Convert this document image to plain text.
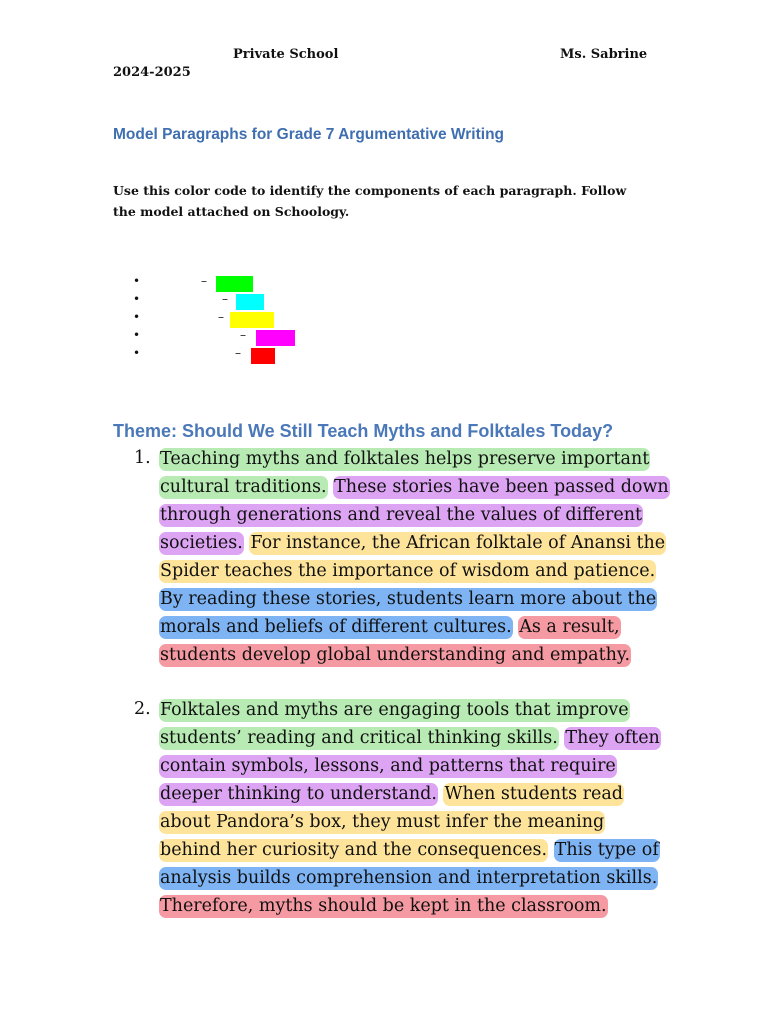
Private School	Ms. Sabrine
2024-2025
Model Paragraphs for Grade 7 Argumentative Writing
Use this color code to identify the components of each paragraph. Follow the model attached on Schoology.
•	–
•	–
•	–
•	–
•	–
Theme: Should We Still Teach Myths and Folktales Today?
1. Teaching myths and folktales helps preserve important cultural traditions. These stories have been passed down through generations and reveal the values of different societies. For instance, the African folktale of Anansi the Spider teaches the importance of wisdom and patience. By reading these stories, students learn more about the morals and beliefs of different cultures. As a result, students develop global understanding and empathy.
2. Folktales and myths are engaging tools that improve students’ reading and critical thinking skills. They often contain symbols, lessons, and patterns that require deeper thinking to understand. When students read about Pandora’s box, they must infer the meaning behind her curiosity and the consequences. This type of analysis builds comprehension and interpretation skills. Therefore, myths should be kept in the classroom.
